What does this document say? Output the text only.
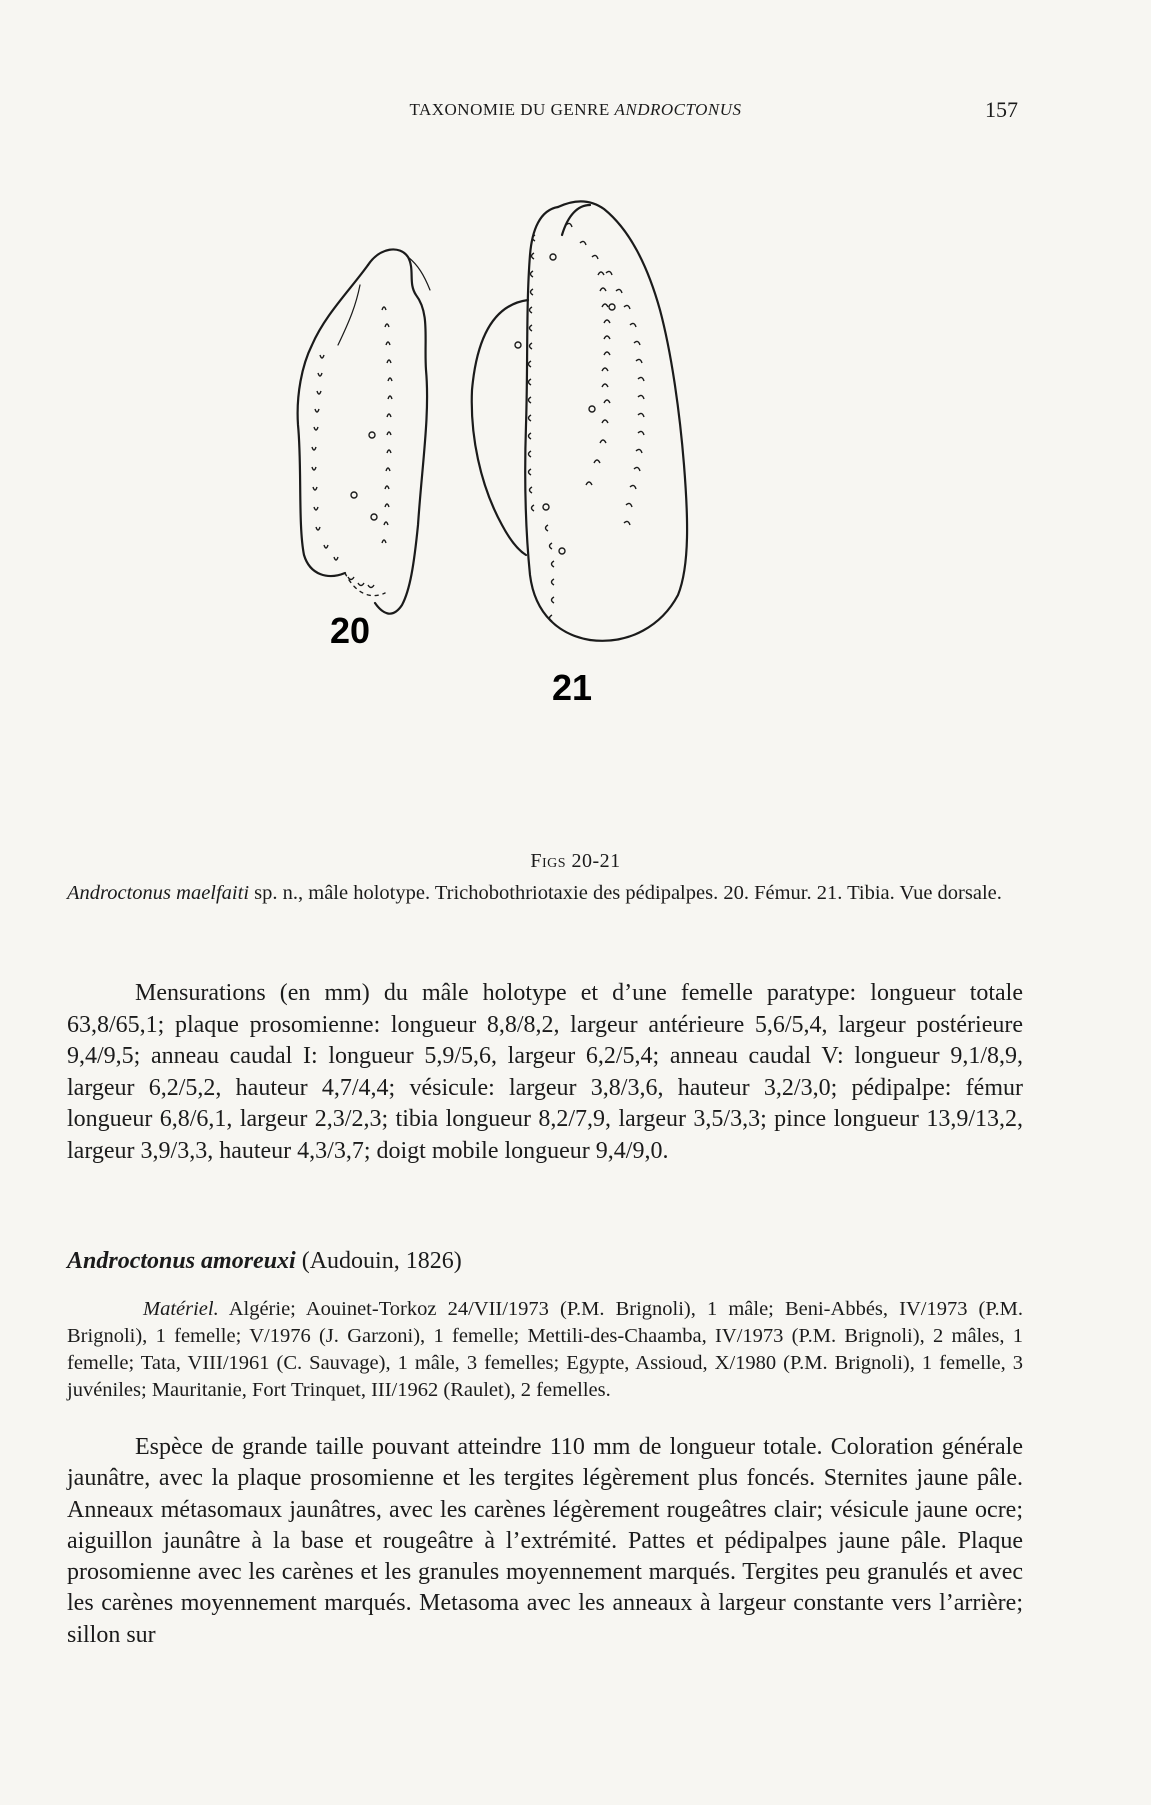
TAXONOMIE DU GENRE ANDROCTONUS	157
20
21
Figs 20-21
Androctonus maelfaiti sp. n., mâle holotype. Trichobothriotaxie des pédipalpes. 20. Fémur. 21. Tibia. Vue dorsale.
Mensurations (en mm) du mâle holotype et d’une femelle paratype: longueur totale 63,8/65,1; plaque prosomienne: longueur 8,8/8,2, largeur antérieure 5,6/5,4, largeur postérieure 9,4/9,5; anneau caudal I: longueur 5,9/5,6, largeur 6,2/5,4; anneau caudal V: longueur 9,1/8,9, largeur 6,2/5,2, hauteur 4,7/4,4; vésicule: largeur 3,8/3,6, hauteur 3,2/3,0; pédipalpe: fémur longueur 6,8/6,1, largeur 2,3/2,3; tibia longueur 8,2/7,9, largeur 3,5/3,3; pince longueur 13,9/13,2, largeur 3,9/3,3, hauteur 4,3/3,7; doigt mobile longueur 9,4/9,0.
Androctonus amoreuxi (Audouin, 1826)
Matériel. Algérie; Aouinet-Torkoz 24/VII/1973 (P.M. Brignoli), 1 mâle; Beni-Abbés, IV/1973 (P.M. Brignoli), 1 femelle; V/1976 (J. Garzoni), 1 femelle; Mettili-des-Chaamba, IV/1973 (P.M. Brignoli), 2 mâles, 1 femelle; Tata, VIII/1961 (C. Sauvage), 1 mâle, 3 femelles; Egypte, Assioud, X/1980 (P.M. Brignoli), 1 femelle, 3 juvéniles; Mauritanie, Fort Trinquet, III/1962 (Raulet), 2 femelles.
Espèce de grande taille pouvant atteindre 110 mm de longueur totale. Coloration générale jaunâtre, avec la plaque prosomienne et les tergites légèrement plus foncés. Sternites jaune pâle. Anneaux métasomaux jaunâtres, avec les carènes légèrement rougeâtres clair; vésicule jaune ocre; aiguillon jaunâtre à la base et rougeâtre à l’extrémité. Pattes et pédipalpes jaune pâle. Plaque prosomienne avec les carènes et les granules moyennement marqués. Tergites peu granulés et avec les carènes moyennement marqués. Metasoma avec les anneaux à largeur constante vers l’arrière; sillon sur
